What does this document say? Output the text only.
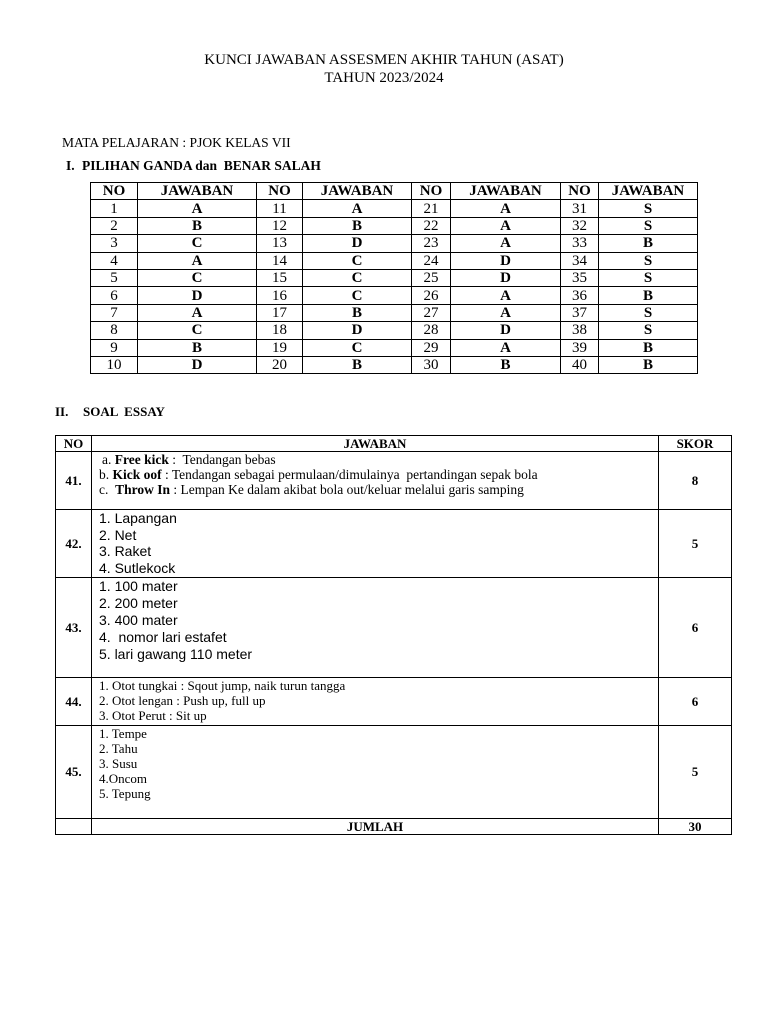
KUNCI JAWABAN ASSESMEN AKHIR TAHUN (ASAT)
TAHUN 2023/2024
MATA PELAJARAN : PJOK KELAS VII
I. PILIHAN GANDA dan  BENAR SALAH
NO	JAWABAN	NO	JAWABAN	NO	JAWABAN	NO	JAWABAN
1	A	11	A	21	A	31	S
2	B	12	B	22	A	32	S
3	C	13	D	23	A	33	B
4	A	14	C	24	D	34	S
5	C	15	C	25	D	35	S
6	D	16	C	26	A	36	B
7	A	17	B	27	A	37	S
8	C	18	D	28	D	38	S
9	B	19	C	29	A	39	B
10	D	20	B	30	B	40	B
II. SOAL  ESSAY
NO	JAWABAN	SKOR
41.	a. Free kick :  Tendangan bebas
b. Kick oof : Tendangan sebagai permulaan/dimulainya  pertandingan sepak bola
c.  Throw In : Lempan Ke dalam akibat bola out/keluar melalui garis samping	8
42.	1. Lapangan
2. Net
3. Raket
4. Sutlekock	5
43.	1. 100 mater
2. 200 meter
3. 400 mater
4.  nomor lari estafet
5. lari gawang 110 meter	6
44.	1. Otot tungkai : Sqout jump, naik turun tangga
2. Otot lengan : Push up, full up
3. Otot Perut : Sit up	6
45.	1. Tempe
2. Tahu
3. Susu
4.Oncom
5. Tepung	5
	JUMLAH	30
